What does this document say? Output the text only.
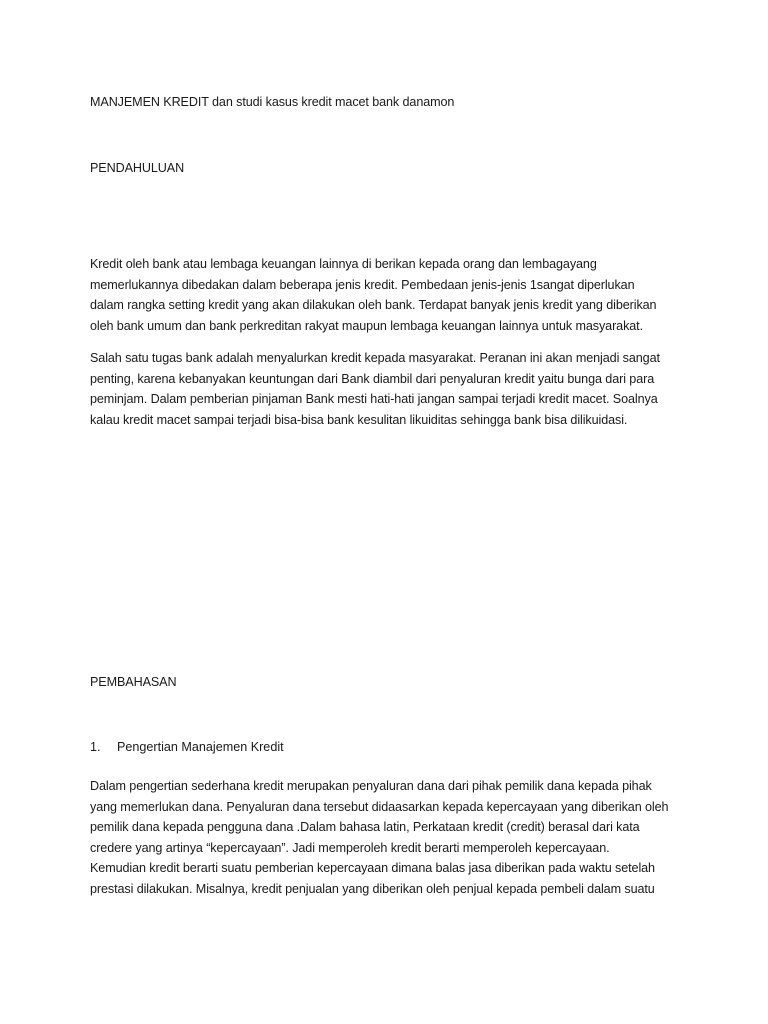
MANJEMEN KREDIT dan studi kasus kredit macet bank danamon
PENDAHULUAN
Kredit oleh bank atau lembaga keuangan lainnya di berikan kepada orang dan lembagayang
memerlukannya dibedakan dalam beberapa jenis kredit. Pembedaan jenis-jenis 1sangat diperlukan
dalam rangka setting kredit yang akan dilakukan oleh bank. Terdapat banyak jenis kredit yang diberikan
oleh bank umum dan bank perkreditan rakyat maupun lembaga keuangan lainnya untuk masyarakat.
Salah satu tugas bank adalah menyalurkan kredit kepada masyarakat. Peranan ini akan menjadi sangat
penting, karena kebanyakan keuntungan dari Bank diambil dari penyaluran kredit yaitu bunga dari para
peminjam. Dalam pemberian pinjaman Bank mesti hati-hati jangan sampai terjadi kredit macet. Soalnya
kalau kredit macet sampai terjadi bisa-bisa bank kesulitan likuiditas sehingga bank bisa dilikuidasi.
PEMBAHASAN
1. Pengertian Manajemen Kredit
Dalam pengertian sederhana kredit merupakan penyaluran dana dari pihak pemilik dana kepada pihak
yang memerlukan dana. Penyaluran dana tersebut didaasarkan kepada kepercayaan yang diberikan oleh
pemilik dana kepada pengguna dana .Dalam bahasa latin, Perkataan kredit (credit) berasal dari kata
credere yang artinya “kepercayaan”. Jadi memperoleh kredit berarti memperoleh kepercayaan.
Kemudian kredit berarti suatu pemberian kepercayaan dimana balas jasa diberikan pada waktu setelah
prestasi dilakukan. Misalnya, kredit penjualan yang diberikan oleh penjual kepada pembeli dalam suatu
